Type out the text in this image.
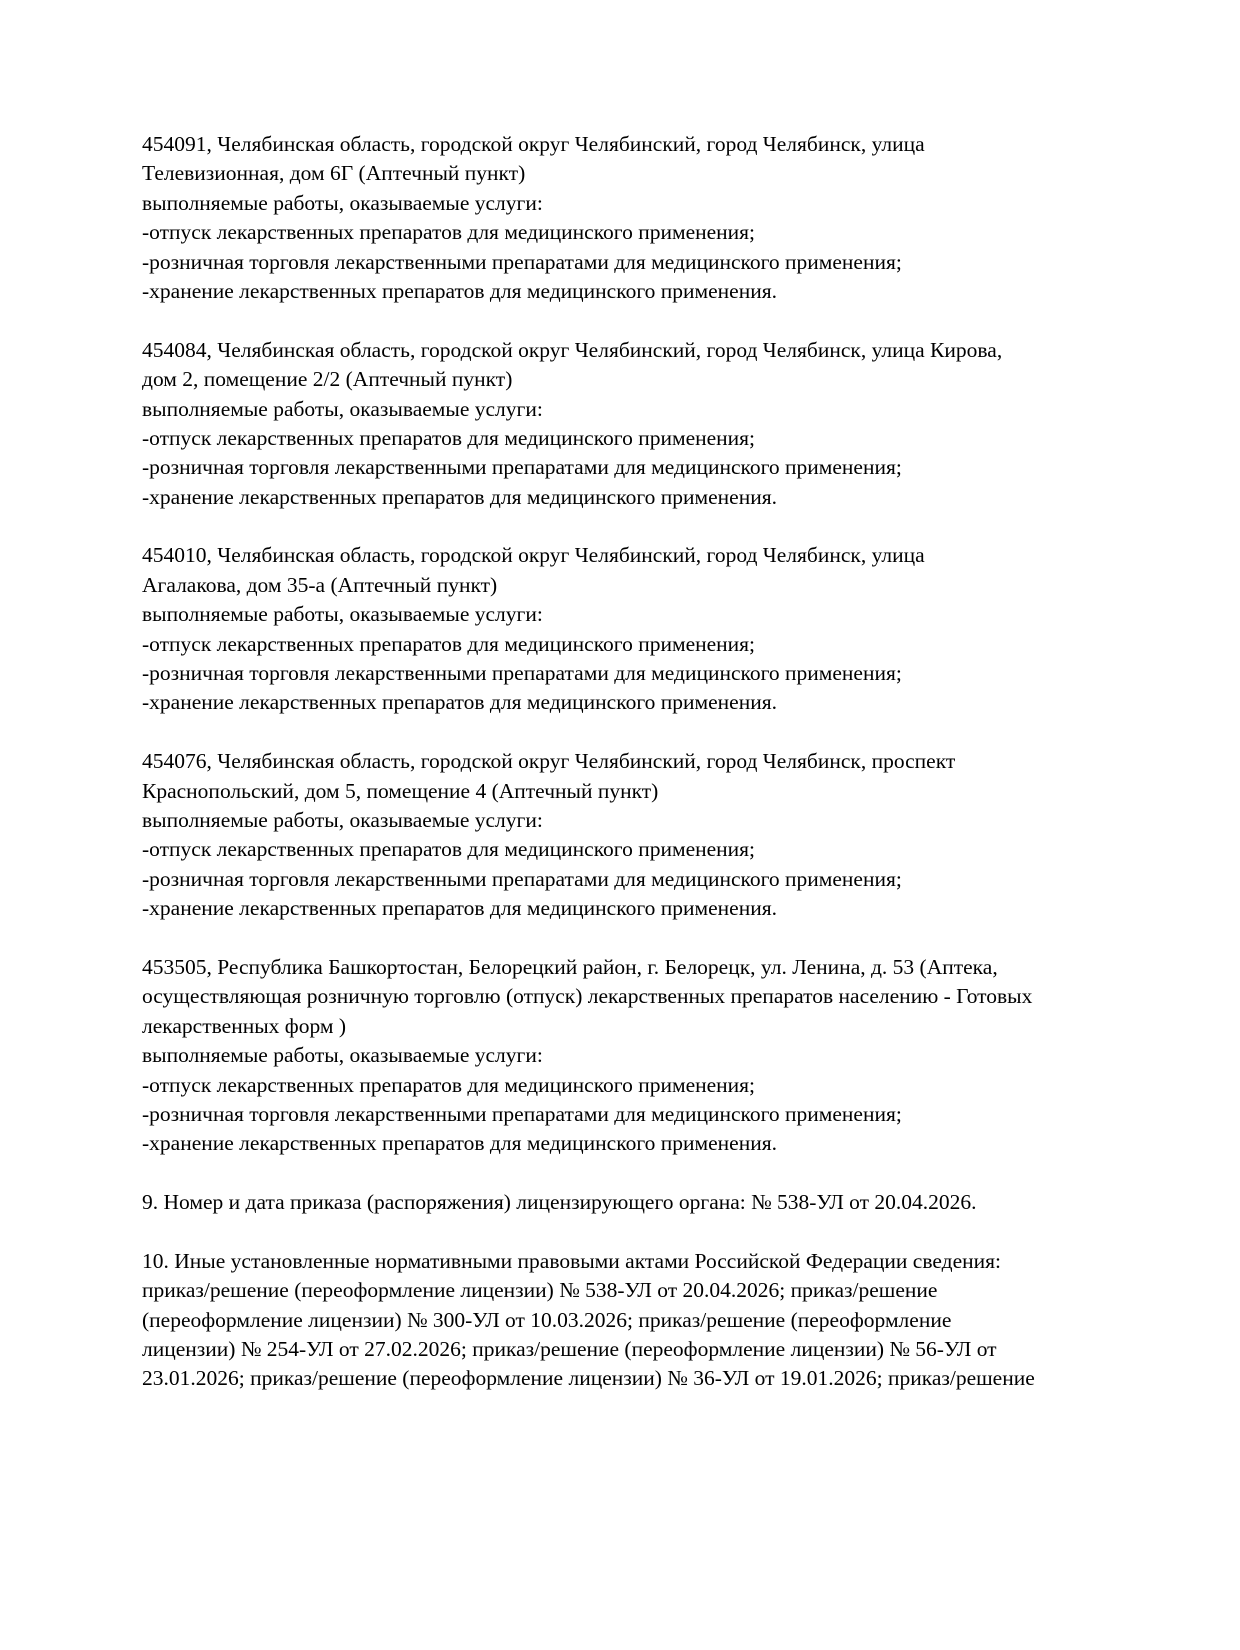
454091, Челябинская область, городской округ Челябинский, город Челябинск, улица
Телевизионная, дом 6Г (Аптечный пункт)
выполняемые работы, оказываемые услуги:
-отпуск лекарственных препаратов для медицинского применения;
-розничная торговля лекарственными препаратами для медицинского применения;
-хранение лекарственных препаратов для медицинского применения.
454084, Челябинская область, городской округ Челябинский, город Челябинск, улица Кирова,
дом 2, помещение 2/2 (Аптечный пункт)
выполняемые работы, оказываемые услуги:
-отпуск лекарственных препаратов для медицинского применения;
-розничная торговля лекарственными препаратами для медицинского применения;
-хранение лекарственных препаратов для медицинского применения.
454010, Челябинская область, городской округ Челябинский, город Челябинск, улица
Агалакова, дом 35-а (Аптечный пункт)
выполняемые работы, оказываемые услуги:
-отпуск лекарственных препаратов для медицинского применения;
-розничная торговля лекарственными препаратами для медицинского применения;
-хранение лекарственных препаратов для медицинского применения.
454076, Челябинская область, городской округ Челябинский, город Челябинск, проспект
Краснопольский, дом 5, помещение 4 (Аптечный пункт)
выполняемые работы, оказываемые услуги:
-отпуск лекарственных препаратов для медицинского применения;
-розничная торговля лекарственными препаратами для медицинского применения;
-хранение лекарственных препаратов для медицинского применения.
453505, Республика Башкортостан, Белорецкий район, г. Белорецк, ул. Ленина, д. 53 (Аптека,
осуществляющая розничную торговлю (отпуск) лекарственных препаратов населению - Готовых
лекарственных форм )
выполняемые работы, оказываемые услуги:
-отпуск лекарственных препаратов для медицинского применения;
-розничная торговля лекарственными препаратами для медицинского применения;
-хранение лекарственных препаратов для медицинского применения.
9. Номер и дата приказа (распоряжения) лицензирующего органа: № 538-УЛ от 20.04.2026.
10. Иные установленные нормативными правовыми актами Российской Федерации сведения:
приказ/решение (переоформление лицензии) № 538-УЛ от 20.04.2026; приказ/решение
(переоформление лицензии) № 300-УЛ от 10.03.2026; приказ/решение (переоформление
лицензии) № 254-УЛ от 27.02.2026; приказ/решение (переоформление лицензии) № 56-УЛ от
23.01.2026; приказ/решение (переоформление лицензии) № 36-УЛ от 19.01.2026; приказ/решение
